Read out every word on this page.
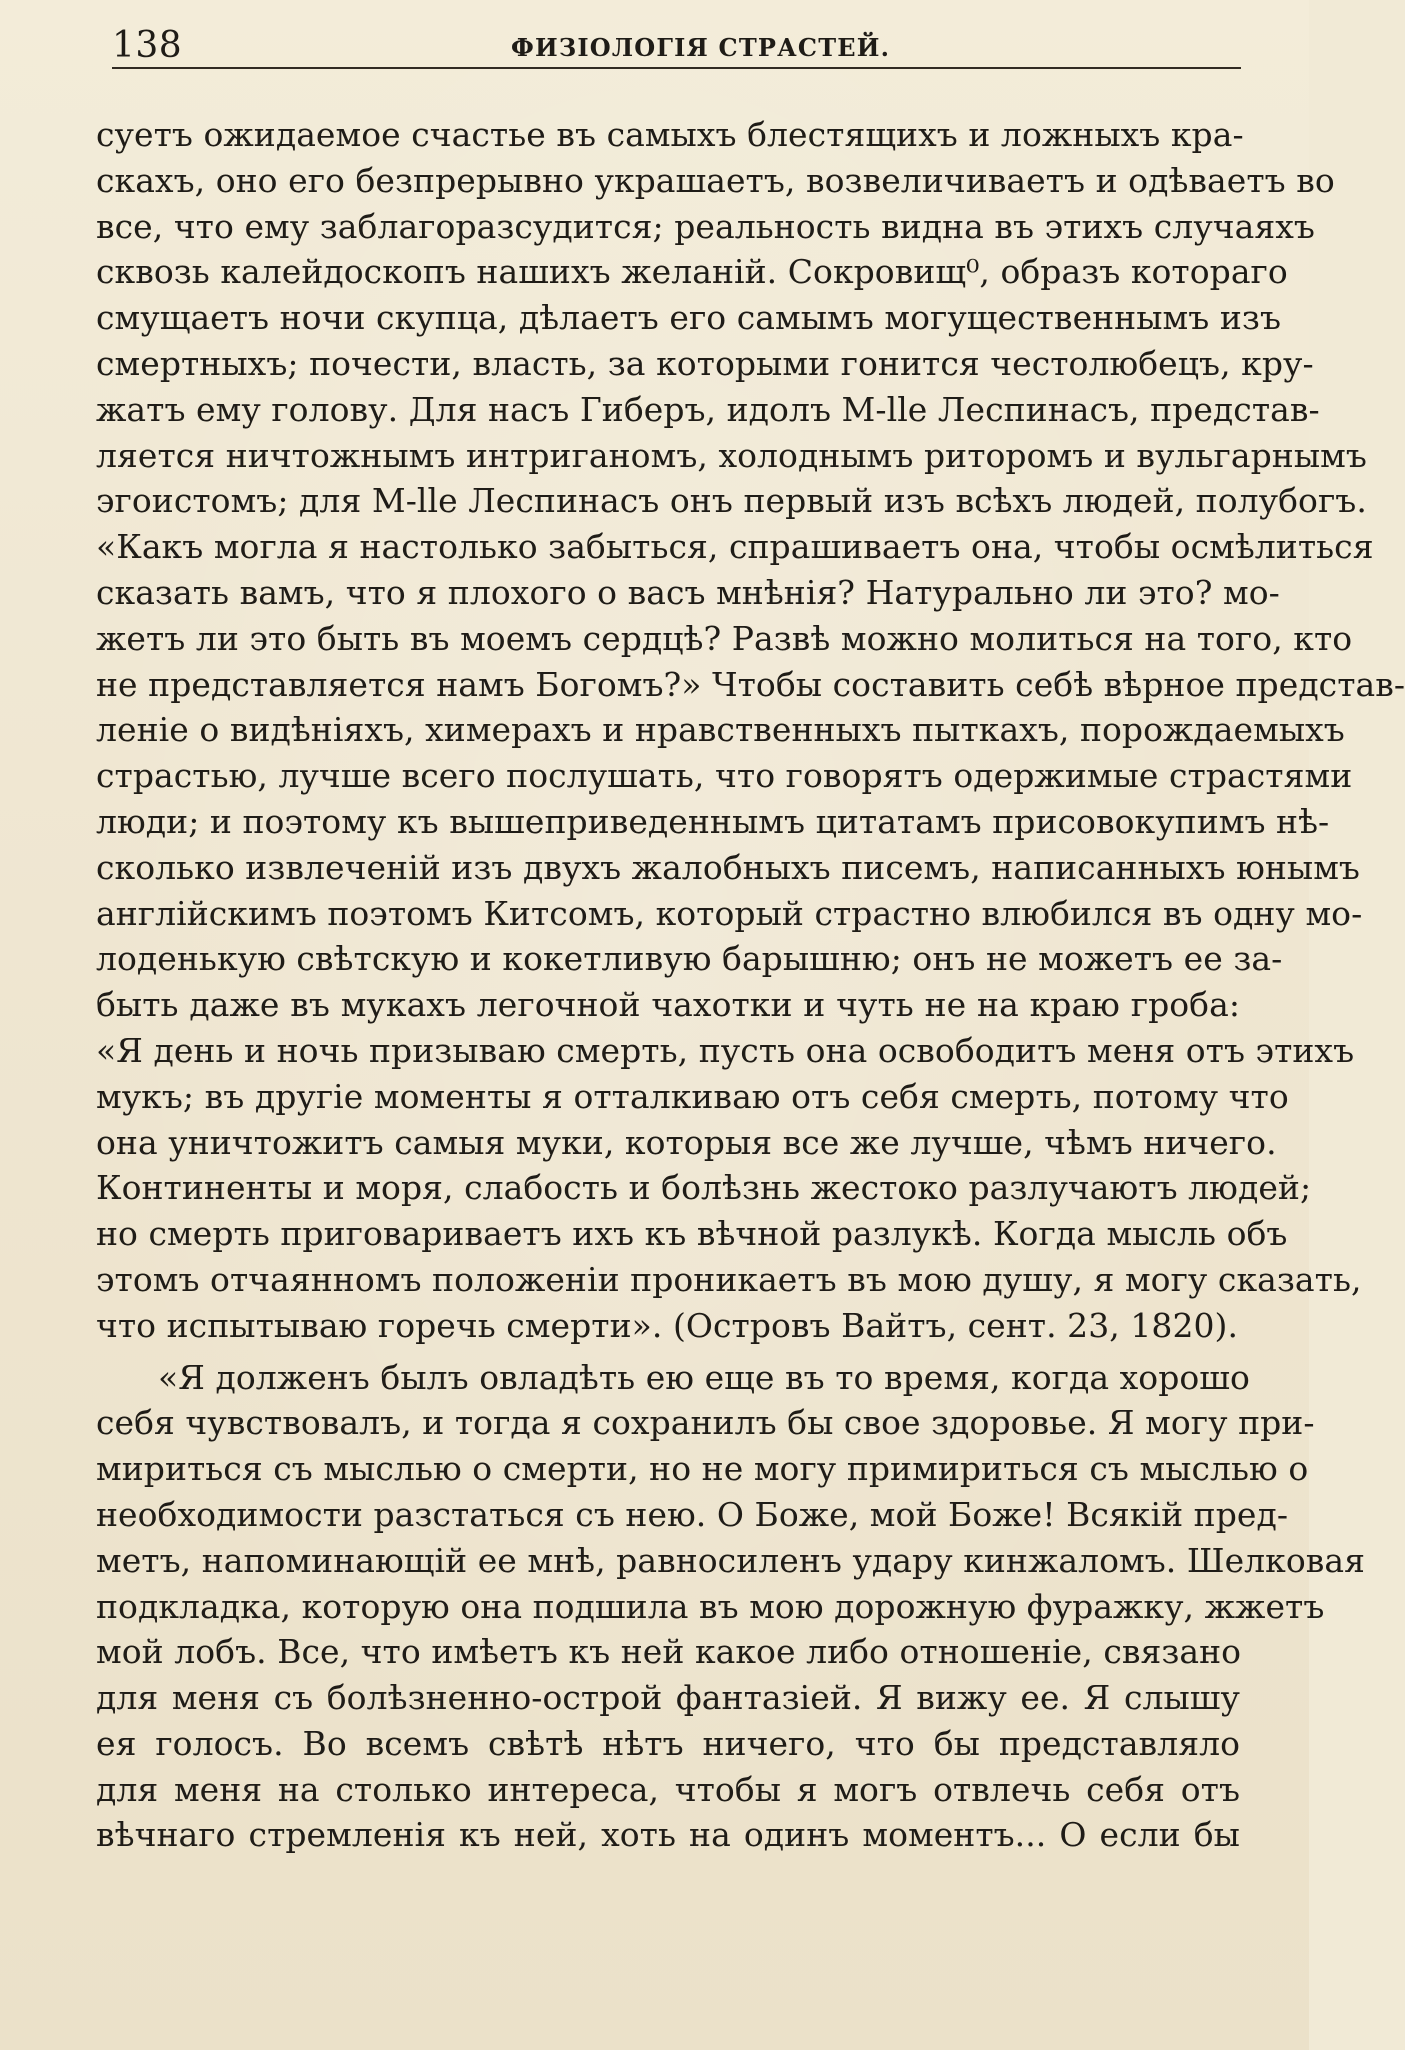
138	ФИЗІОЛОГІЯ СТРАСТЕЙ.
суетъ ожидаемое счастье въ самыхъ блестящихъ и ложныхъ кра-
скахъ, оно его безпрерывно украшаетъ, возвеличиваетъ и одѣваетъ во
все, что ему заблагоразсудится; реальность видна въ этихъ случаяхъ
сквозь калейдоскопъ нашихъ желаній. Сокровищ⁰, образъ котораго
смущаетъ ночи скупца, дѣлаетъ его самымъ могущественнымъ изъ
смертныхъ; почести, власть, за которыми гонится честолюбецъ, кру-
жатъ ему голову. Для насъ Гиберъ, идолъ M-lle Леспинасъ, представ-
ляется ничтожнымъ интриганомъ, холоднымъ риторомъ и вульгарнымъ
эгоистомъ; для M-lle Леспинасъ онъ первый изъ всѣхъ людей, полубогъ.
«Какъ могла я настолько забыться, спрашиваетъ она, чтобы осмѣлиться
сказать вамъ, что я плохого о васъ мнѣнія? Натурально ли это? мо-
жетъ ли это быть въ моемъ сердцѣ? Развѣ можно молиться на того, кто
не представляется намъ Богомъ?» Чтобы составить себѣ вѣрное представ-
леніе о видѣніяхъ, химерахъ и нравственныхъ пыткахъ, порождаемыхъ
страстью, лучше всего послушать, что говорятъ одержимые страстями
люди; и поэтому къ вышеприведеннымъ цитатамъ присовокупимъ нѣ-
сколько извлеченій изъ двухъ жалобныхъ писемъ, написанныхъ юнымъ
англійскимъ поэтомъ Китсомъ, который страстно влюбился въ одну мо-
лоденькую свѣтскую и кокетливую барышню; онъ не можетъ ее за-
быть даже въ мукахъ легочной чахотки и чуть не на краю гроба:
«Я день и ночь призываю смерть, пусть она освободитъ меня отъ этихъ
мукъ; въ другіе моменты я отталкиваю отъ себя смерть, потому что
она уничтожитъ самыя муки, которыя все же лучше, чѣмъ ничего.
Континенты и моря, слабость и болѣзнь жестоко разлучаютъ людей;
но смерть приговариваетъ ихъ къ вѣчной разлукѣ. Когда мысль объ
этомъ отчаянномъ положеніи проникаетъ въ мою душу, я могу сказать,
что испытываю горечь смерти». (Островъ Вайтъ, сент. 23, 1820).
«Я долженъ былъ овладѣть ею еще въ то время, когда хорошо
себя чувствовалъ, и тогда я сохранилъ бы свое здоровье. Я могу при-
мириться съ мыслью о смерти, но не могу примириться съ мыслью о
необходимости разстаться съ нею. О Боже, мой Боже! Всякій пред-
метъ, напоминающій ее мнѣ, равносиленъ удару кинжаломъ. Шелковая
подкладка, которую она подшила въ мою дорожную фуражку, жжетъ
мой лобъ. Все, что имѣетъ къ ней какое либо отношеніе, связано
для меня съ болѣзненно-острой фантазіей. Я вижу ее. Я слышу
ея голосъ. Во всемъ свѣтѣ нѣтъ ничего, что бы представляло
для меня на столько интереса, чтобы я могъ отвлечь себя отъ
вѣчнаго стремленія къ ней, хоть на одинъ моментъ... О если бы
